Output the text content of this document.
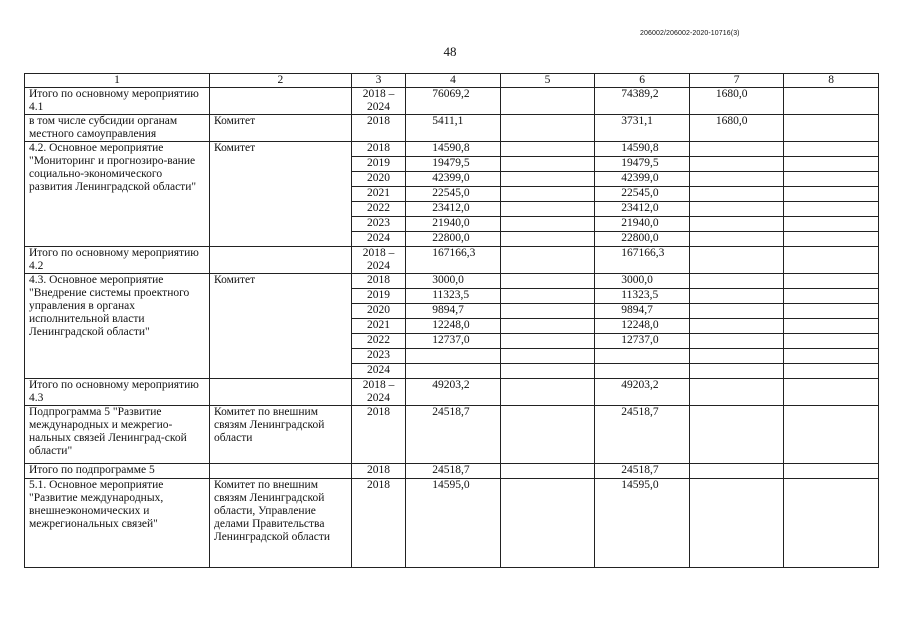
206002/206002-2020-10716(3)
48
1	2	3	4	5	6	7	8
Итого по основному мероприятию 4.1		2018 – 2024	76069,2		74389,2	1680,0	
в том числе субсидии органам местного самоуправления	Комитет	2018	5411,1		3731,1	1680,0	
4.2. Основное мероприятие "Мониторинг и прогнозиро-вание социально-экономического развития Ленинградской области"	Комитет	2018	14590,8		14590,8		
		2019	19479,5		19479,5		
		2020	42399,0		42399,0		
		2021	22545,0		22545,0		
		2022	23412,0		23412,0		
		2023	21940,0		21940,0		
		2024	22800,0		22800,0		
Итого по основному мероприятию 4.2		2018 – 2024	167166,3		167166,3		
4.3. Основное мероприятие "Внедрение системы проектного управления в органах исполнительной власти Ленинградской области"	Комитет	2018	3000,0		3000,0		
		2019	11323,5		11323,5		
		2020	9894,7		9894,7		
		2021	12248,0		12248,0		
		2022	12737,0		12737,0		
		2023					
		2024					
Итого по основному мероприятию 4.3		2018 – 2024	49203,2		49203,2		
Подпрограмма 5 "Развитие международных и межрегио-нальных связей Ленинград-ской области"	Комитет по внешним связям Ленинградской области	2018	24518,7		24518,7		
Итого по подпрограмме 5		2018	24518,7		24518,7		
5.1. Основное мероприятие "Развитие международных, внешнеэкономических и межрегиональных связей"	Комитет по внешним связям Ленинградской области, Управление делами Правительства Ленинградской области	2018	14595,0		14595,0		
